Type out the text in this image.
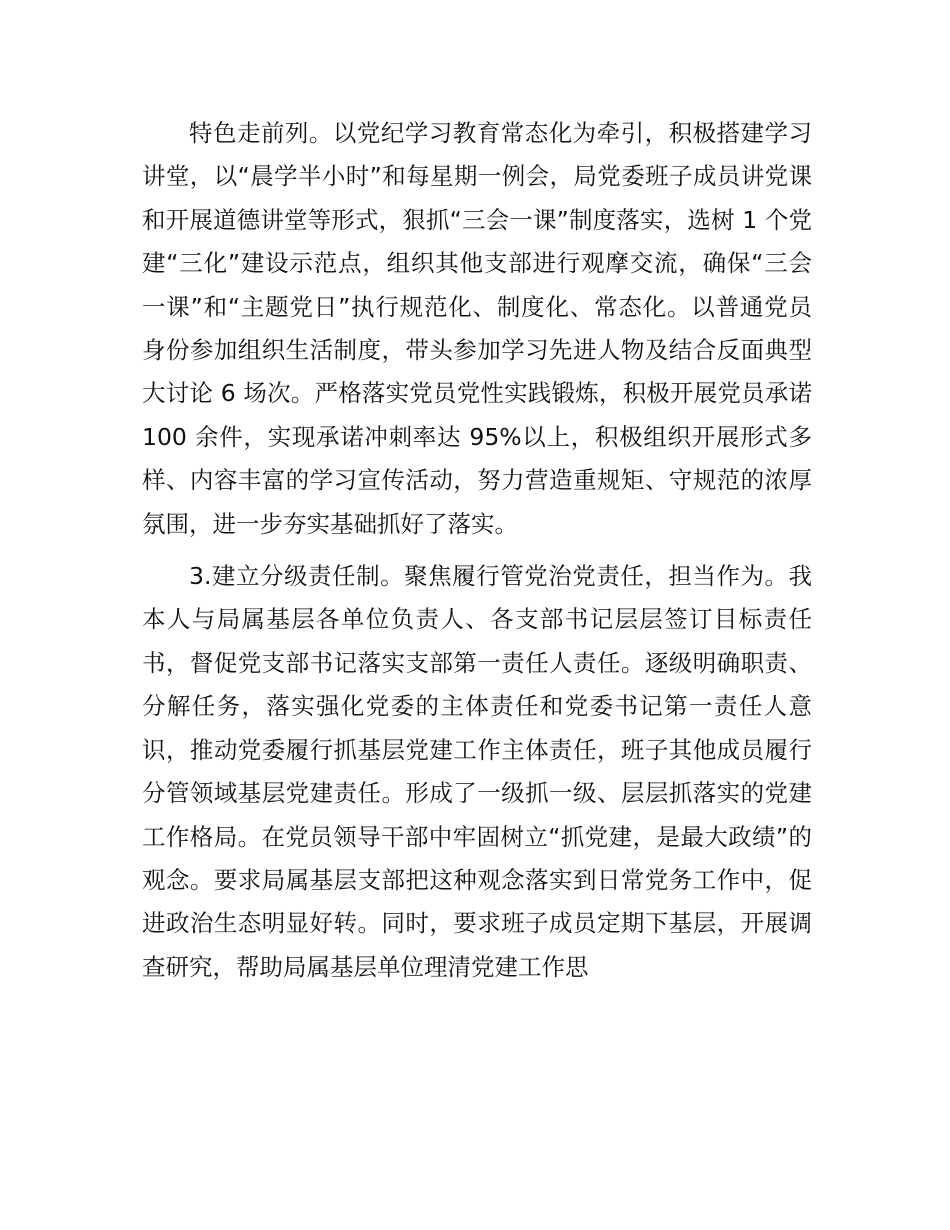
特色走前列。以党纪学习教育常态化为牵引，积极搭建学习讲堂，以“晨学半小时”和每星期一例会，局党委班子成员讲党课和开展道德讲堂等形式，狠抓“三会一课”制度落实，选树 1 个党建“三化”建设示范点，组织其他支部进行观摩交流，确保“三会一课”和“主题党日”执行规范化、制度化、常态化。以普通党员身份参加组织生活制度，带头参加学习先进人物及结合反面典型大讨论 6 场次。严格落实党员党性实践锻炼，积极开展党员承诺 100 余件，实现承诺冲刺率达 95%以上，积极组织开展形式多样、内容丰富的学习宣传活动，努力营造重规矩、守规范的浓厚氛围，进一步夯实基础抓好了落实。

3.建立分级责任制。聚焦履行管党治党责任，担当作为。我本人与局属基层各单位负责人、各支部书记层层签订目标责任书，督促党支部书记落实支部第一责任人责任。逐级明确职责、分解任务，落实强化党委的主体责任和党委书记第一责任人意识，推动党委履行抓基层党建工作主体责任，班子其他成员履行分管领域基层党建责任。形成了一级抓一级、层层抓落实的党建工作格局。在党员领导干部中牢固树立“抓党建，是最大政绩”的观念。要求局属基层支部把这种观念落实到日常党务工作中，促进政治生态明显好转。同时，要求班子成员定期下基层，开展调查研究，帮助局属基层单位理清党建工作思
